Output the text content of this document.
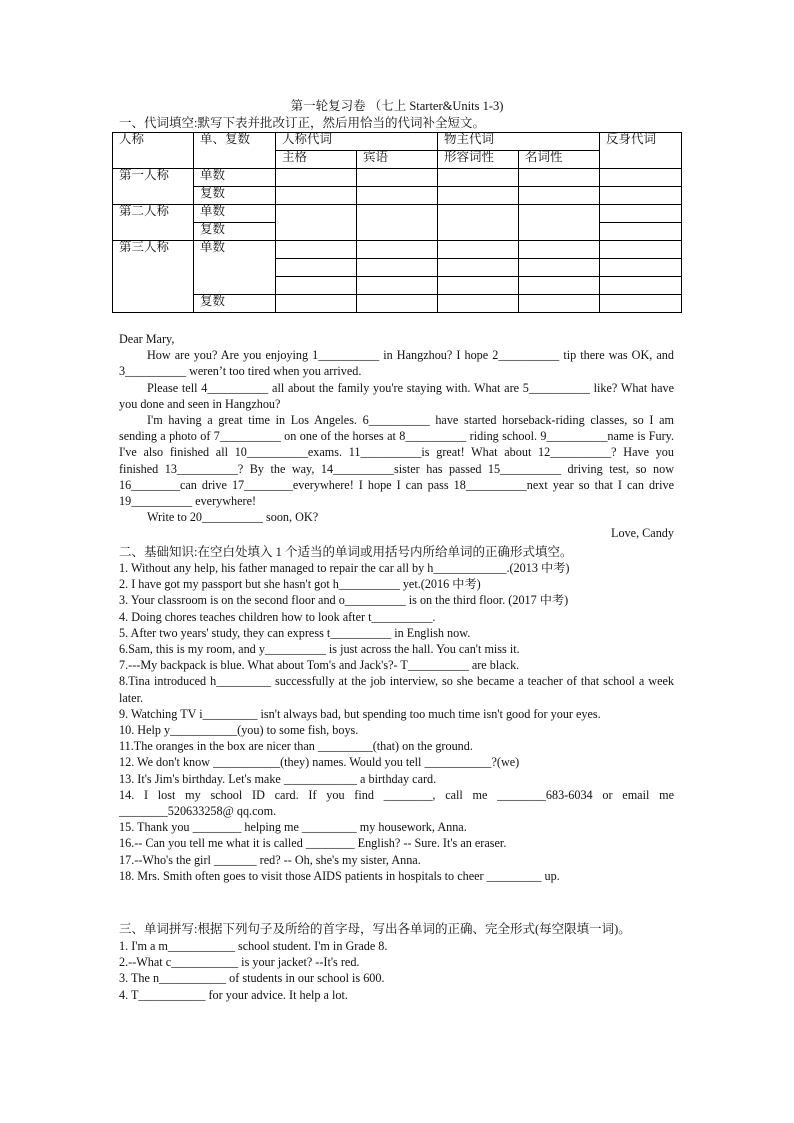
第一轮复习卷 （七上 Starter&Units 1-3)
一、代词填空:默写下表并批改订正，然后用恰当的代词补全短文。
人称	单、复数	人称代词		物主代词		反身代词
		主格	宾语	形容词性	名词性	
第一人称	单数					
	复数					
第二人称	单数					
	复数					
第三人称	单数					

	复数					

Dear Mary,

How are you? Are you enjoying 1__________ in Hangzhou? I hope 2__________ tip there was OK, and 3__________ weren’t too tired when you arrived.

Please tell 4__________ all about the family you're staying with. What are 5__________ like? What have you done and seen in Hangzhou?

I'm having a great time in Los Angeles. 6__________ have started horseback-riding classes, so I am sending a photo of 7__________ on one of the horses at 8__________ riding school. 9__________name is Fury. I've also finished all 10__________exams. 11__________is great! What about 12__________? Have you finished 13__________? By the way, 14__________sister has passed 15__________ driving test, so now 16________can drive 17________everywhere! I hope I can pass 18__________next year so that I can drive 19__________ everywhere!

Write to 20__________ soon, OK?

Love, Candy

二、基础知识:在空白处填入 1 个适当的单词或用括号内所给单词的正确形式填空。
1. Without any help, his father managed to repair the car all by h____________.(2013 中考)
2. I have got my passport but she hasn't got h__________ yet.(2016 中考)
3. Your classroom is on the second floor and o__________ is on the third floor. (2017 中考)
4. Doing chores teaches children how to look after t__________.
5. After two years' study, they can express t__________ in English now.
6.Sam, this is my room, and y__________ is just across the hall. You can't miss it.
7.---My backpack is blue. What about Tom's and Jack's?- T__________ are black.
8.Tina introduced h_________ successfully at the job interview, so she became a teacher of that school a week later.
9. Watching TV i_________ isn't always bad, but spending too much time isn't good for your eyes.
10. Help y___________(you) to some fish, boys.
11.The oranges in the box are nicer than _________(that) on the ground.
12. We don't know ___________(they) names. Would you tell ___________?(we)
13. It's Jim's birthday. Let's make ____________ a birthday card.
14. I lost my school ID card. If you find ________, call me ________683-6034 or email me ________520633258@ qq.com.
15. Thank you ________ helping me _________ my housework, Anna.
16.-- Can you tell me what it is called ________ English? -- Sure. It's an eraser.
17.--Who's the girl _______ red? -- Oh, she's my sister, Anna.
18. Mrs. Smith often goes to visit those AIDS patients in hospitals to cheer _________ up.
三、单词拼写:根据下列句子及所给的首字母，写出各单词的正确、完全形式(每空限填一词)。
1. I'm a m___________ school student. I'm in Grade 8.
2.--What c___________ is your jacket? --It's red.
3. The n___________ of students in our school is 600.
4. T___________ for your advice. It help a lot.
